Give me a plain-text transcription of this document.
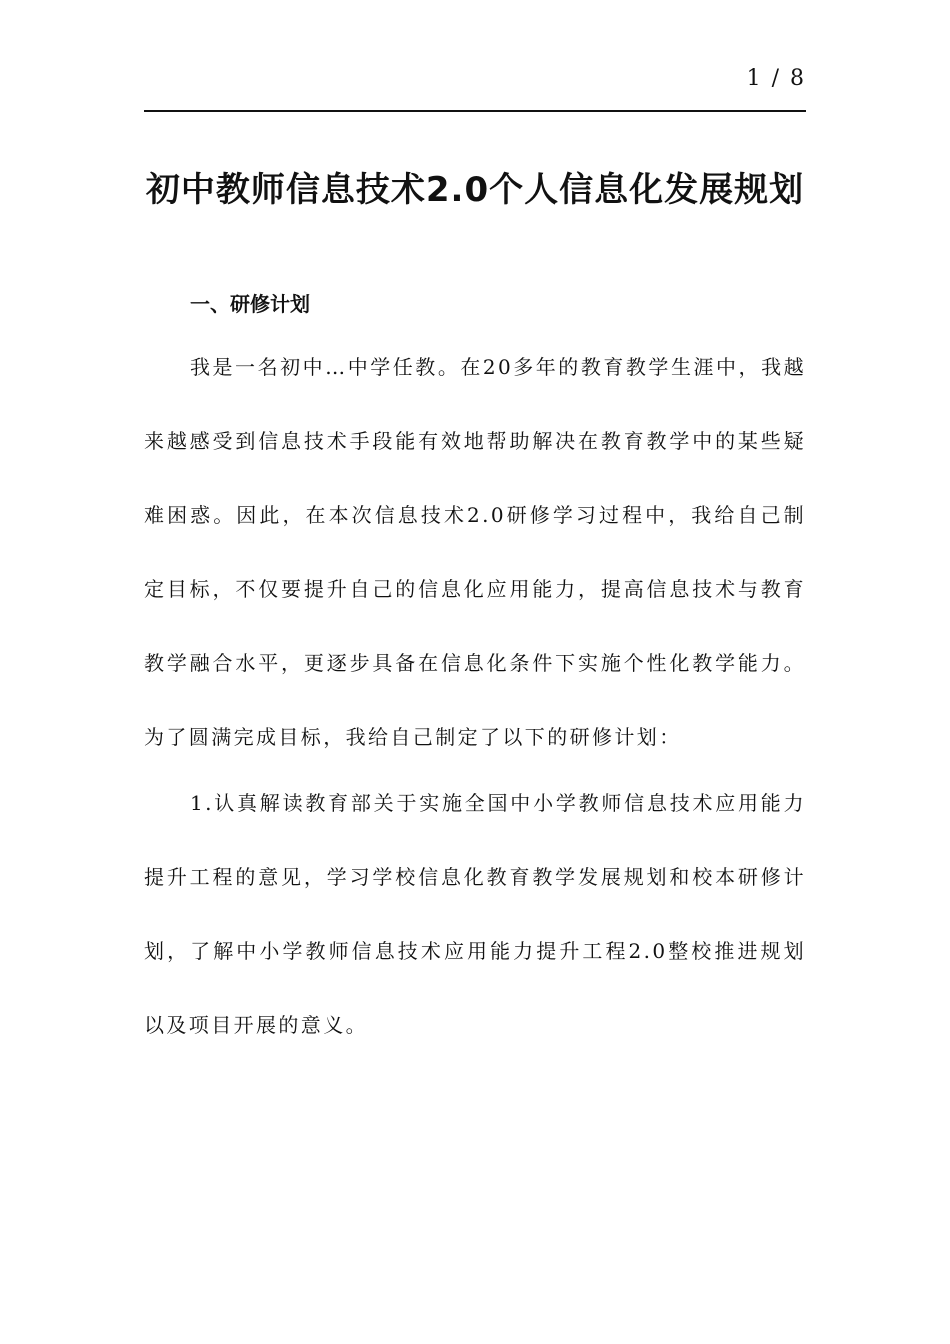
1 / 8
初中教师信息技术2.0个人信息化发展规划
一、研修计划

我是一名初中…中学任教。在20多年的教育教学生涯中，我越来越感受到信息技术手段能有效地帮助解决在教育教学中的某些疑难困惑。因此，在本次信息技术2.0研修学习过程中，我给自己制定目标，不仅要提升自己的信息化应用能力，提高信息技术与教育教学融合水平，更逐步具备在信息化条件下实施个性化教学能力。为了圆满完成目标，我给自己制定了以下的研修计划：

1.认真解读教育部关于实施全国中小学教师信息技术应用能力提升工程的意见，学习学校信息化教育教学发展规划和校本研修计划，了解中小学教师信息技术应用能力提升工程2.0整校推进规划以及项目开展的意义。
